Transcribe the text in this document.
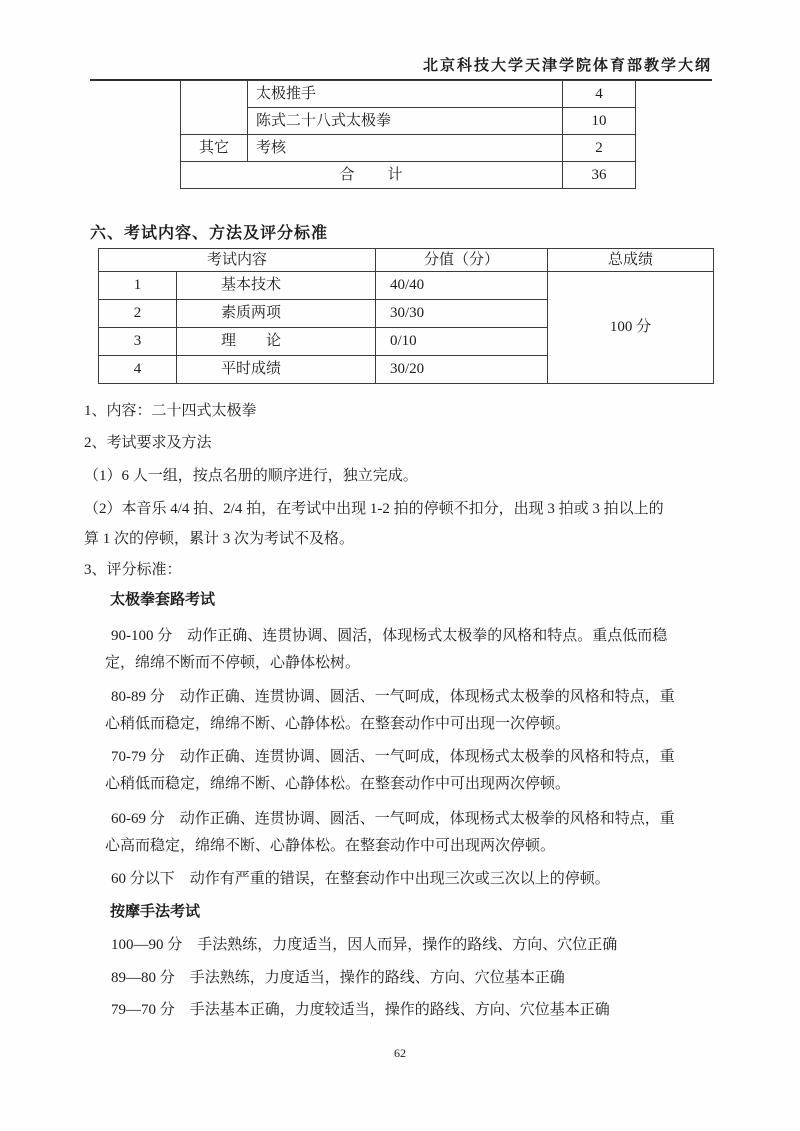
北京科技大学天津学院体育部教学大纲
	太极推手	4
	陈式二十八式太极拳	10
其它	考核	2
合　　计		36
六、考试内容、方法及评分标准
考试内容		分值（分）	总成绩
1	基本技术	40/40	100 分
2	素质两项	30/30	
3	理　　论	0/10	
4	平时成绩	30/20	
1、内容：二十四式太极拳
2、考试要求及方法
（1）6 人一组，按点名册的顺序进行，独立完成。
（2）本音乐 4/4 拍、2/4 拍，在考试中出现 1-2 拍的停顿不扣分，出现 3 拍或 3 拍以上的
算 1 次的停顿，累计 3 次为考试不及格。
3、评分标准：
太极拳套路考试
90-100 分　动作正确、连贯协调、圆活，体现杨式太极拳的风格和特点。重点低而稳
定，绵绵不断而不停顿，心静体松树。
80-89 分　动作正确、连贯协调、圆活、一气呵成，体现杨式太极拳的风格和特点，重
心稍低而稳定，绵绵不断、心静体松。在整套动作中可出现一次停顿。
70-79 分　动作正确、连贯协调、圆活、一气呵成，体现杨式太极拳的风格和特点，重
心稍低而稳定，绵绵不断、心静体松。在整套动作中可出现两次停顿。
60-69 分　动作正确、连贯协调、圆活、一气呵成，体现杨式太极拳的风格和特点，重
心高而稳定，绵绵不断、心静体松。在整套动作中可出现两次停顿。
60 分以下　动作有严重的错误，在整套动作中出现三次或三次以上的停顿。
按摩手法考试
100—90 分　手法熟练，力度适当，因人而异，操作的路线、方向、穴位正确
89—80 分　手法熟练，力度适当，操作的路线、方向、穴位基本正确
79—70 分　手法基本正确，力度较适当，操作的路线、方向、穴位基本正确
62
